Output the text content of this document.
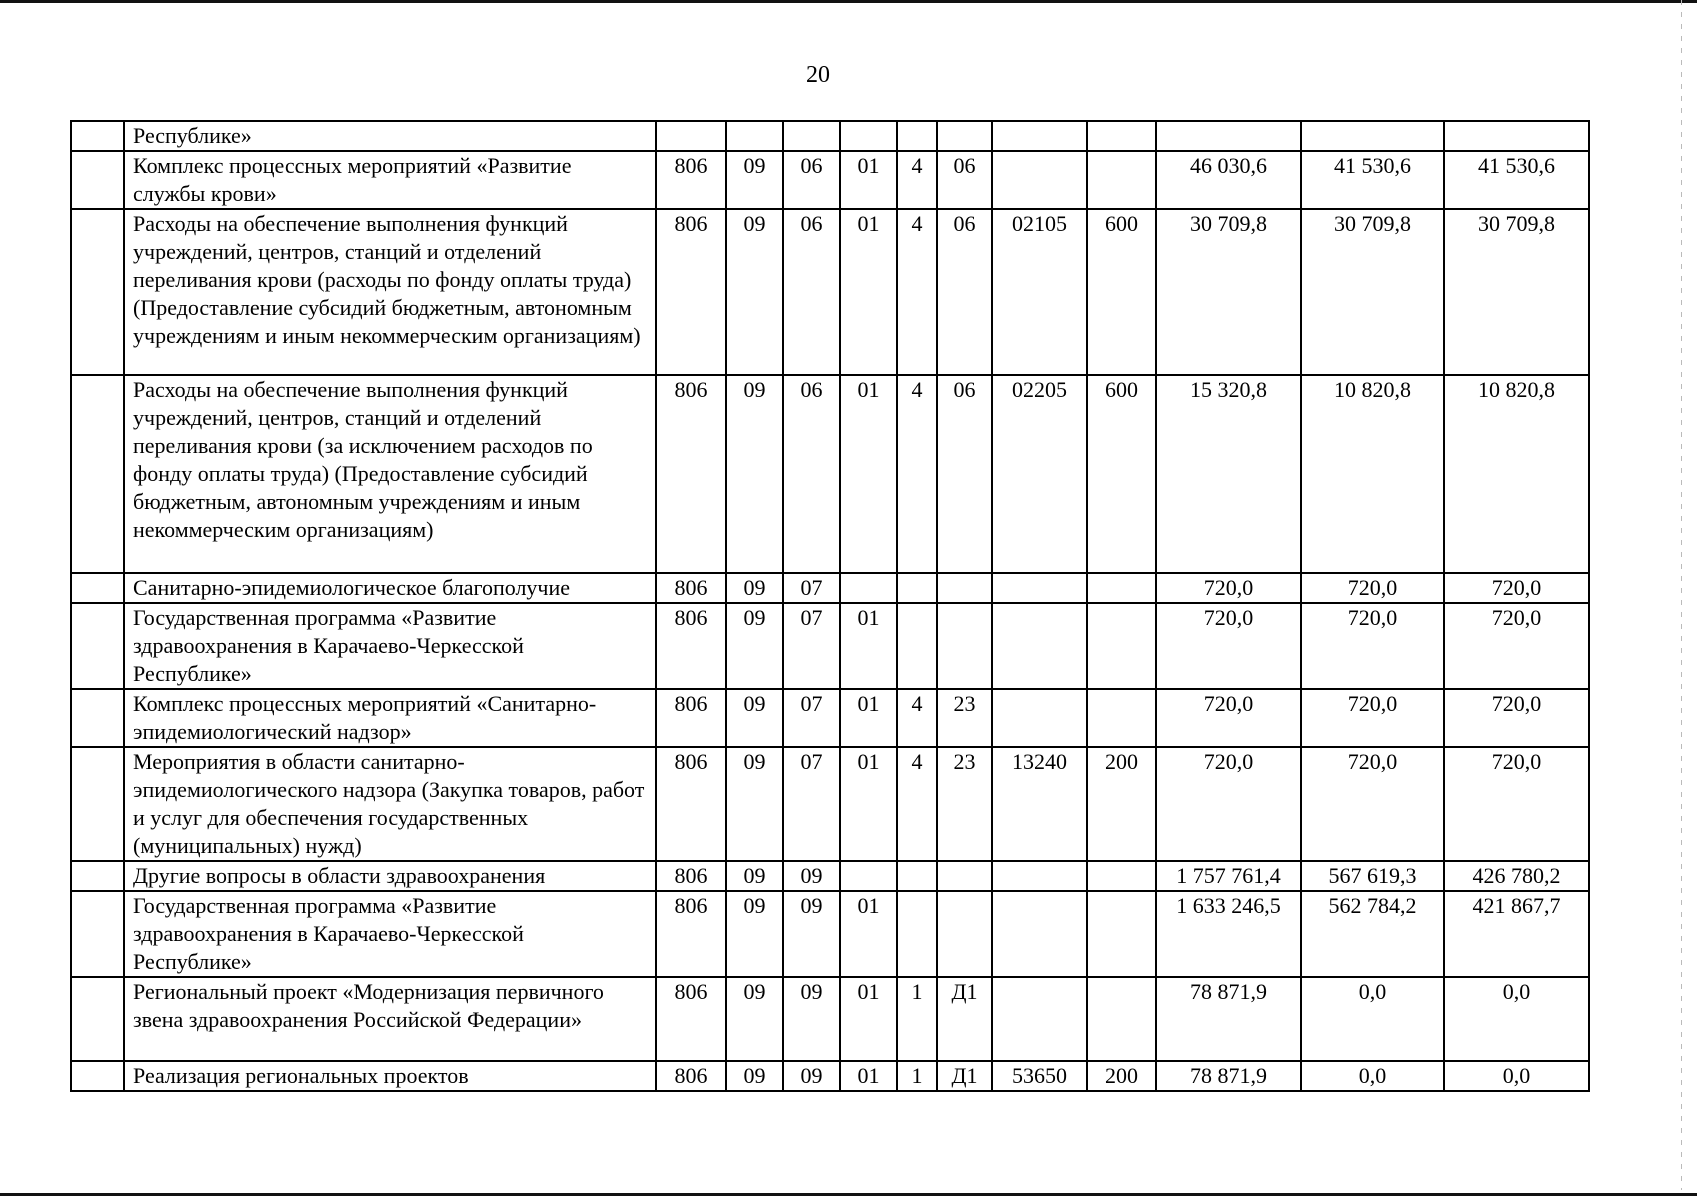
20
	Республике»											
	Комплекс процессных мероприятий «Развитие службы крови»	806	09	06	01	4	06			46 030,6	41 530,6	41 530,6
	Расходы на обеспечение выполнения функций учреждений, центров, станций и отделений переливания крови (расходы по фонду оплаты труда) (Предоставление субсидий бюджетным, автономным учреждениям и иным некоммерческим организациям)	806	09	06	01	4	06	02105	600	30 709,8	30 709,8	30 709,8
	Расходы на обеспечение выполнения функций учреждений, центров, станций и отделений переливания крови (за исключением расходов по фонду оплаты труда) (Предоставление субсидий бюджетным, автономным учреждениям и иным некоммерческим организациям)	806	09	06	01	4	06	02205	600	15 320,8	10 820,8	10 820,8
	Санитарно-эпидемиологическое благополучие	806	09	07						720,0	720,0	720,0
	Государственная программа «Развитие здравоохранения в Карачаево-Черкесской Республике»	806	09	07	01					720,0	720,0	720,0
	Комплекс процессных мероприятий «Санитарно-эпидемиологический надзор»	806	09	07	01	4	23			720,0	720,0	720,0
	Мероприятия в области санитарно-эпидемиологического надзора (Закупка товаров, работ и услуг для обеспечения государственных (муниципальных) нужд)	806	09	07	01	4	23	13240	200	720,0	720,0	720,0
	Другие вопросы в области здравоохранения	806	09	09						1 757 761,4	567 619,3	426 780,2
	Государственная программа «Развитие здравоохранения в Карачаево-Черкесской Республике»	806	09	09	01					1 633 246,5	562 784,2	421 867,7
	Региональный проект «Модернизация первичного звена здравоохранения Российской Федерации»	806	09	09	01	1	Д1			78 871,9	0,0	0,0
	Реализация региональных проектов	806	09	09	01	1	Д1	53650	200	78 871,9	0,0	0,0
